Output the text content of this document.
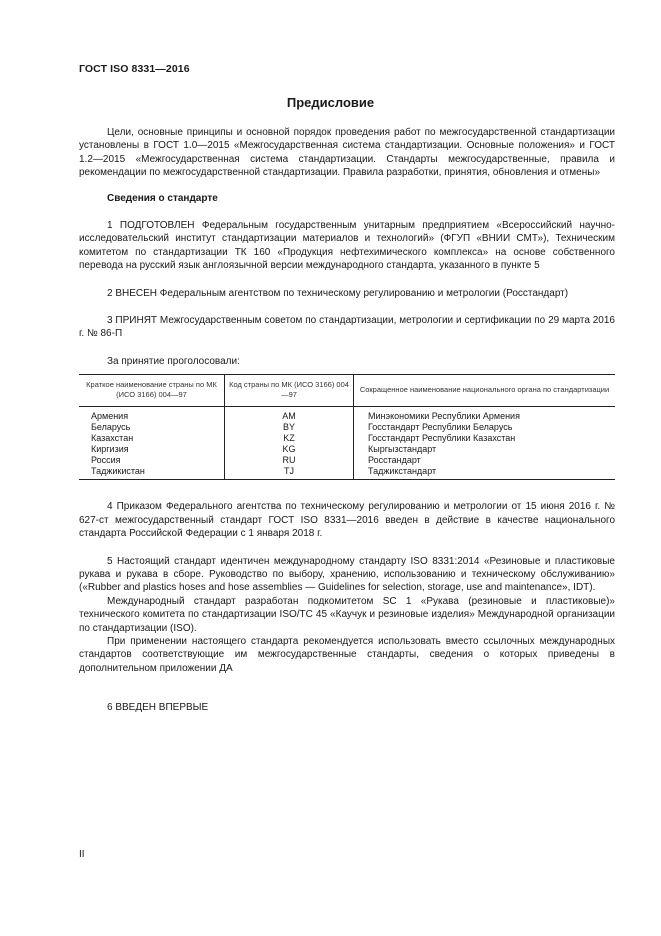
ГОСТ ISO 8331—2016
Предисловие

Цели, основные принципы и основной порядок проведения работ по межгосударственной стандартизации установлены в ГОСТ 1.0—2015 «Межгосударственная система стандартизации. Основные положения» и ГОСТ 1.2—2015 «Межгосударственная система стандартизации. Стандарты межгосударственные, правила и рекомендации по межгосударственной стандартизации. Правила разработки, принятия, обновления и отмены»

Сведения о стандарте

1 ПОДГОТОВЛЕН Федеральным государственным унитарным предприятием «Всероссийский научно-исследовательский институт стандартизации материалов и технологий» (ФГУП «ВНИИ СМТ»), Техническим комитетом по стандартизации ТК 160 «Продукция нефтехимического комплекса» на основе собственного перевода на русский язык англоязычной версии международного стандарта, указанного в пункте 5

2 ВНЕСЕН Федеральным агентством по техническому регулированию и метрологии (Росстандарт)

3 ПРИНЯТ Межгосударственным советом по стандартизации, метрологии и сертификации по 29 марта 2016 г. № 86-П

За принятие проголосовали:

Краткое наименование страны по МК (ИСО 3166) 004—97	Код страны по МК (ИСО 3166) 004—97	Сокращенное наименование национального органа по стандартизации
Армения	AM	Минэкономики Республики Армения
Беларусь	BY	Госстандарт Республики Беларусь
Казахстан	KZ	Госстандарт Республики Казахстан
Киргизия	KG	Кыргызстандарт
Россия	RU	Росстандарт
Таджикистан	TJ	Таджикстандарт

4 Приказом Федерального агентства по техническому регулированию и метрологии от 15 июня 2016 г. № 627-ст межгосударственный стандарт ГОСТ ISO 8331—2016 введен в действие в качестве национального стандарта Российской Федерации с 1 января 2018 г.

5 Настоящий стандарт идентичен международному стандарту ISO 8331:2014 «Резиновые и пластиковые рукава и рукава в сборе. Руководство по выбору, хранению, использованию и техническому обслуживанию» («Rubber and plastics hoses and hose assemblies — Guidelines for selection, storage, use and maintenance», IDT).

Международный стандарт разработан подкомитетом SC 1 «Рукава (резиновые и пластиковые)» технического комитета по стандартизации ISO/TC 45 «Каучук и резиновые изделия» Международной организации по стандартизации (ISO).

При применении настоящего стандарта рекомендуется использовать вместо ссылочных международных стандартов соответствующие им межгосударственные стандарты, сведения о которых приведены в дополнительном приложении ДА

6 ВВЕДЕН ВПЕРВЫЕ

II
